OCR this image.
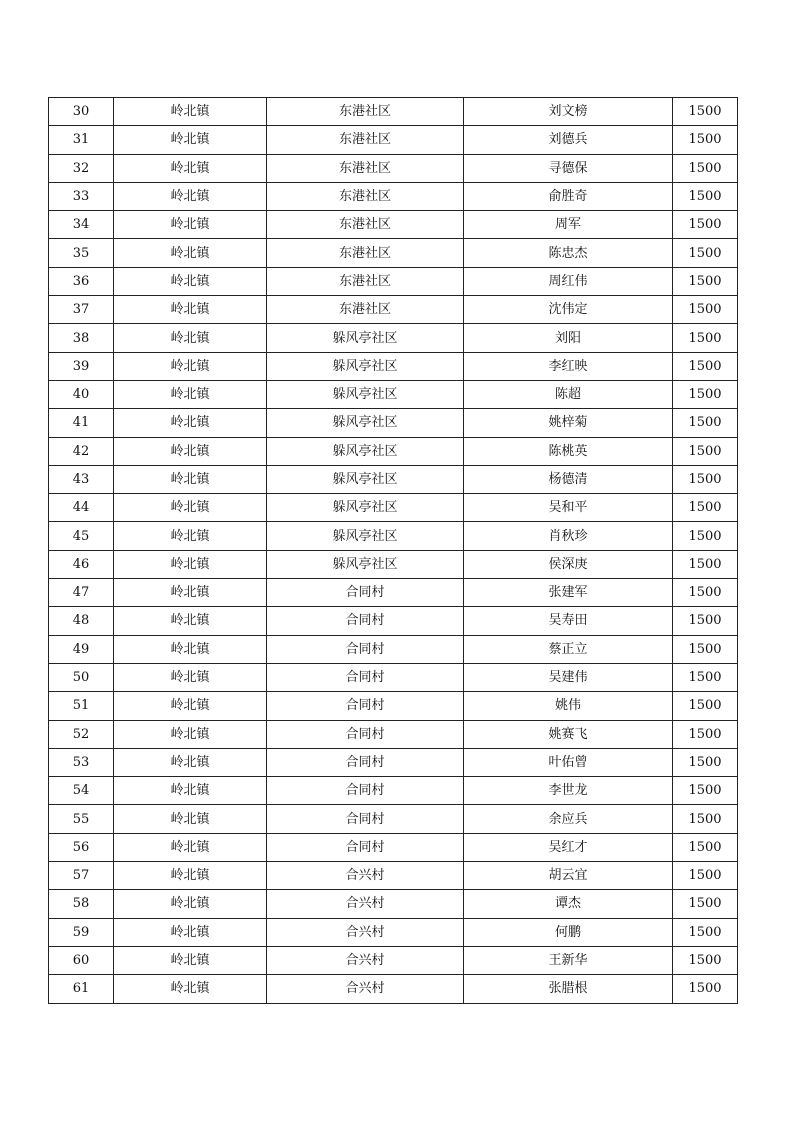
30	岭北镇	东港社区	刘文榜	1500
31	岭北镇	东港社区	刘德兵	1500
32	岭北镇	东港社区	寻德保	1500
33	岭北镇	东港社区	俞胜奇	1500
34	岭北镇	东港社区	周军	1500
35	岭北镇	东港社区	陈忠杰	1500
36	岭北镇	东港社区	周红伟	1500
37	岭北镇	东港社区	沈伟定	1500
38	岭北镇	躲风亭社区	刘阳	1500
39	岭北镇	躲风亭社区	李红映	1500
40	岭北镇	躲风亭社区	陈超	1500
41	岭北镇	躲风亭社区	姚梓菊	1500
42	岭北镇	躲风亭社区	陈桃英	1500
43	岭北镇	躲风亭社区	杨德清	1500
44	岭北镇	躲风亭社区	吴和平	1500
45	岭北镇	躲风亭社区	肖秋珍	1500
46	岭北镇	躲风亭社区	侯深庚	1500
47	岭北镇	合同村	张建军	1500
48	岭北镇	合同村	吴寿田	1500
49	岭北镇	合同村	蔡正立	1500
50	岭北镇	合同村	吴建伟	1500
51	岭北镇	合同村	姚伟	1500
52	岭北镇	合同村	姚赛飞	1500
53	岭北镇	合同村	叶佑曾	1500
54	岭北镇	合同村	李世龙	1500
55	岭北镇	合同村	余应兵	1500
56	岭北镇	合同村	吴红才	1500
57	岭北镇	合兴村	胡云宜	1500
58	岭北镇	合兴村	谭杰	1500
59	岭北镇	合兴村	何鹏	1500
60	岭北镇	合兴村	王新华	1500
61	岭北镇	合兴村	张腊根	1500
